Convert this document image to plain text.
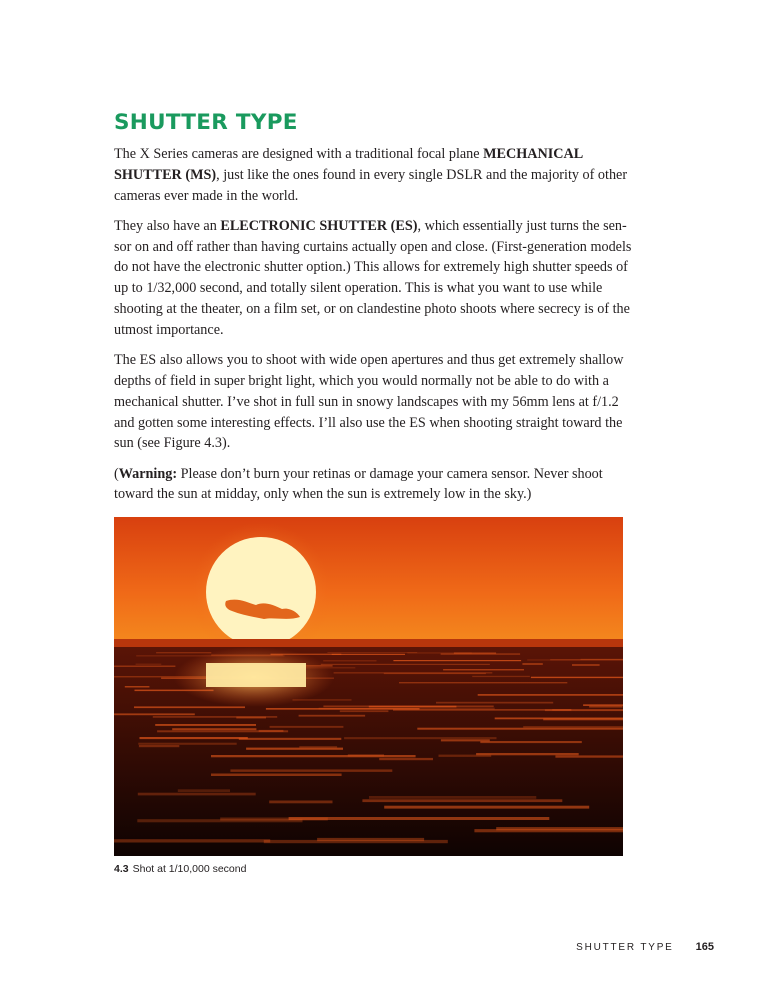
SHUTTER TYPE

The X Series cameras are designed with a traditional focal plane MECHANICAL SHUTTER (MS), just like the ones found in every single DSLR and the majority of other cameras ever made in the world.

They also have an ELECTRONIC SHUTTER (ES), which essentially just turns the sen-sor on and off rather than having curtains actually open and close. (First-generation models do not have the electronic shutter option.) This allows for extremely high shutter speeds of up to 1/32,000 second, and totally silent operation. This is what you want to use while shooting at the theater, on a film set, or on clandestine photo shoots where secrecy is of the utmost importance.

The ES also allows you to shoot with wide open apertures and thus get extremely shallow depths of field in super bright light, which you would normally not be able to do with a mechanical shutter. I’ve shot in full sun in snowy landscapes with my 56mm lens at f/1.2 and gotten some interesting effects. I’ll also use the ES when shooting straight toward the sun (see Figure 4.3).

(Warning: Please don’t burn your retinas or damage your camera sensor. Never shoot toward the sun at midday, only when the sun is extremely low in the sky.)

4.3 Shot at 1/10,000 second
SHUTTER TYPE 165
